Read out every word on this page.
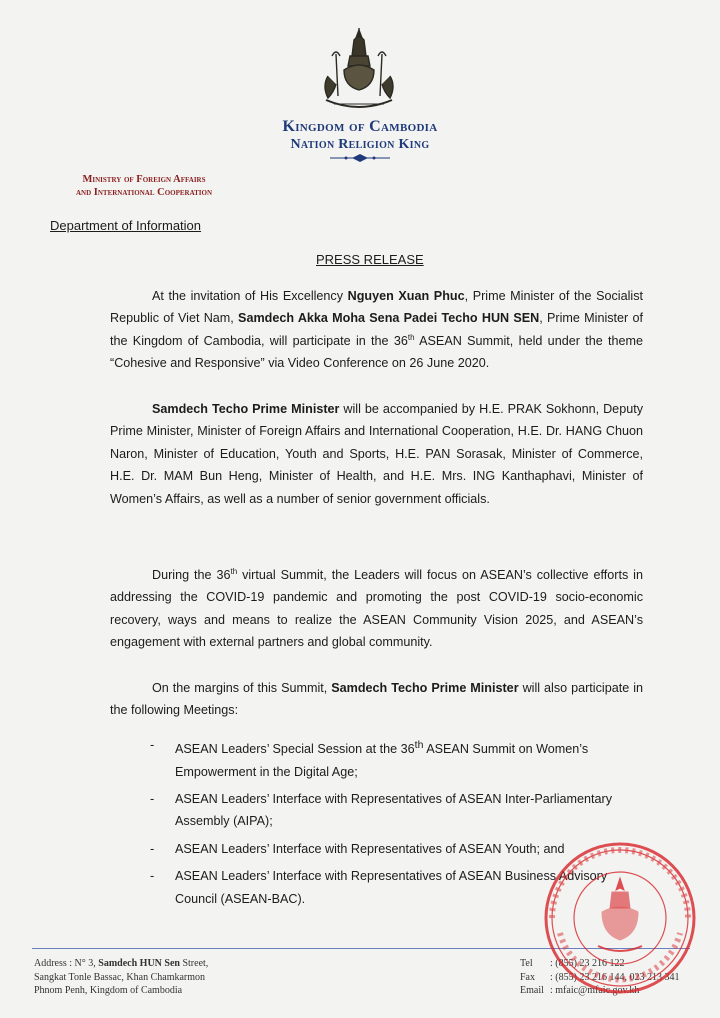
Kingdom of Cambodia
Nation Religion King
Ministry of Foreign Affairs
and International Cooperation
Department of Information
PRESS RELEASE
At the invitation of His Excellency Nguyen Xuan Phuc, Prime Minister of the Socialist Republic of Viet Nam, Samdech Akka Moha Sena Padei Techo HUN SEN, Prime Minister of the Kingdom of Cambodia, will participate in the 36th ASEAN Summit, held under the theme “Cohesive and Responsive” via Video Conference on 26 June 2020.
Samdech Techo Prime Minister will be accompanied by H.E. PRAK Sokhonn, Deputy Prime Minister, Minister of Foreign Affairs and International Cooperation, H.E. Dr. HANG Chuon Naron, Minister of Education, Youth and Sports, H.E. PAN Sorasak, Minister of Commerce, H.E. Dr. MAM Bun Heng, Minister of Health, and H.E. Mrs. ING Kanthaphavi, Minister of Women’s Affairs, as well as a number of senior government officials.
During the 36th virtual Summit, the Leaders will focus on ASEAN’s collective efforts in addressing the COVID-19 pandemic and promoting the post COVID-19 socio-economic recovery, ways and means to realize the ASEAN Community Vision 2025, and ASEAN’s engagement with external partners and global community.
On the margins of this Summit, Samdech Techo Prime Minister will also participate in the following Meetings:
- ASEAN Leaders’ Special Session at the 36th ASEAN Summit on Women’s Empowerment in the Digital Age;
- ASEAN Leaders’ Interface with Representatives of ASEAN Inter-Parliamentary Assembly (AIPA);
- ASEAN Leaders’ Interface with Representatives of ASEAN Youth; and
- ASEAN Leaders’ Interface with Representatives of ASEAN Business Advisory Council (ASEAN-BAC).
Address : N° 3, Samdech HUN Sen Street,
Sangkat Tonle Bassac, Khan Chamkarmon
Phnom Penh, Kingdom of Cambodia
Tel : (855) 23 216 122
Fax : (855) 23 216 144, 023 213 341
Email : mfaic@mfaic.gov.kh
